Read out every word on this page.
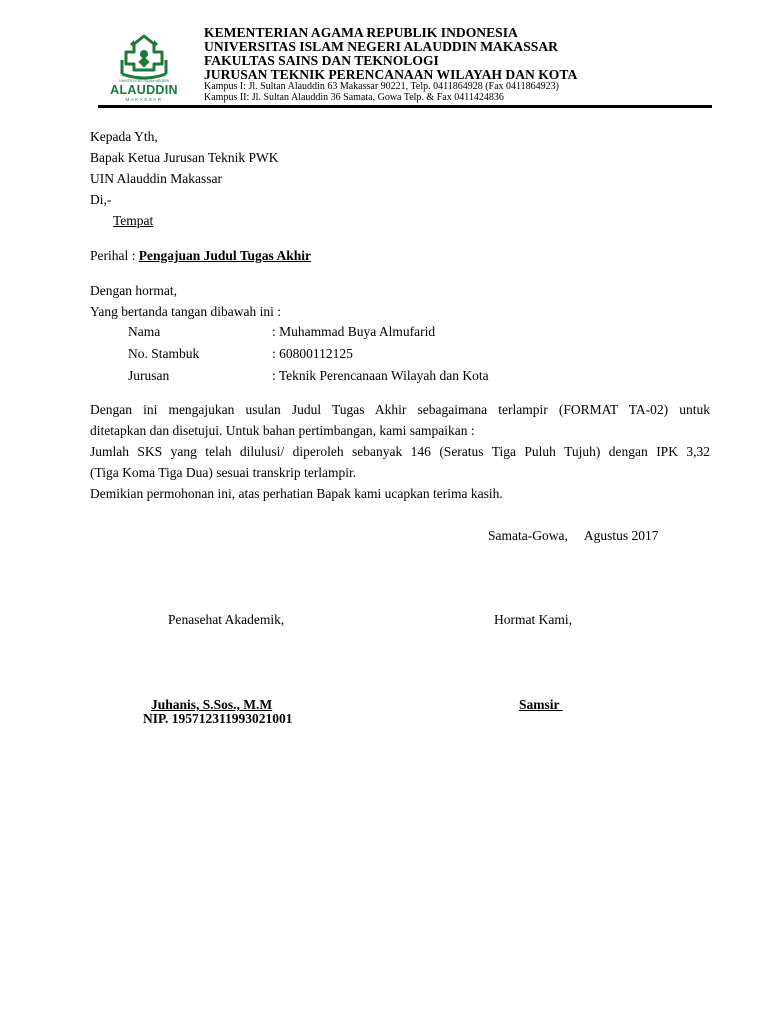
UNIVERSITAS ISLAM NEGERI
ALAUDDIN
MAKASSAR
KEMENTERIAN AGAMA REPUBLIK INDONESIA
UNIVERSITAS ISLAM NEGERI ALAUDDIN MAKASSAR
FAKULTAS SAINS DAN TEKNOLOGI
JURUSAN TEKNIK PERENCANAAN WILAYAH DAN KOTA
Kampus I: Jl. Sultan Alauddin 63 Makassar 90221, Telp. 0411864928 (Fax 0411864923)
Kampus II: Jl. Sultan Alauddin 36 Samata, Gowa Telp. & Fax 0411424836
Kepada Yth,
Bapak Ketua Jurusan Teknik PWK
UIN Alauddin Makassar
Di,-
Tempat
Perihal : Pengajuan Judul Tugas Akhir
Dengan hormat,
Yang bertanda tangan dibawah ini :
Nama	: Muhammad Buya Almufarid
No. Stambuk	: 60800112125
Jurusan	: Teknik Perencanaan Wilayah dan Kota
Dengan ini mengajukan usulan Judul Tugas Akhir sebagaimana terlampir (FORMAT TA-02) untuk
ditetapkan dan disetujui. Untuk bahan pertimbangan, kami sampaikan :
Jumlah SKS yang telah dilulusi/ diperoleh sebanyak 146 (Seratus Tiga Puluh Tujuh) dengan IPK 3,32
(Tiga Koma Tiga Dua) sesuai transkrip terlampir.
Demikian permohonan ini, atas perhatian Bapak kami ucapkan terima kasih.
Samata-Gowa, Agustus 2017
Penasehat Akademik,
Juhanis, S.Sos., M.M
NIP. 195712311993021001
Hormat Kami,
Samsir
